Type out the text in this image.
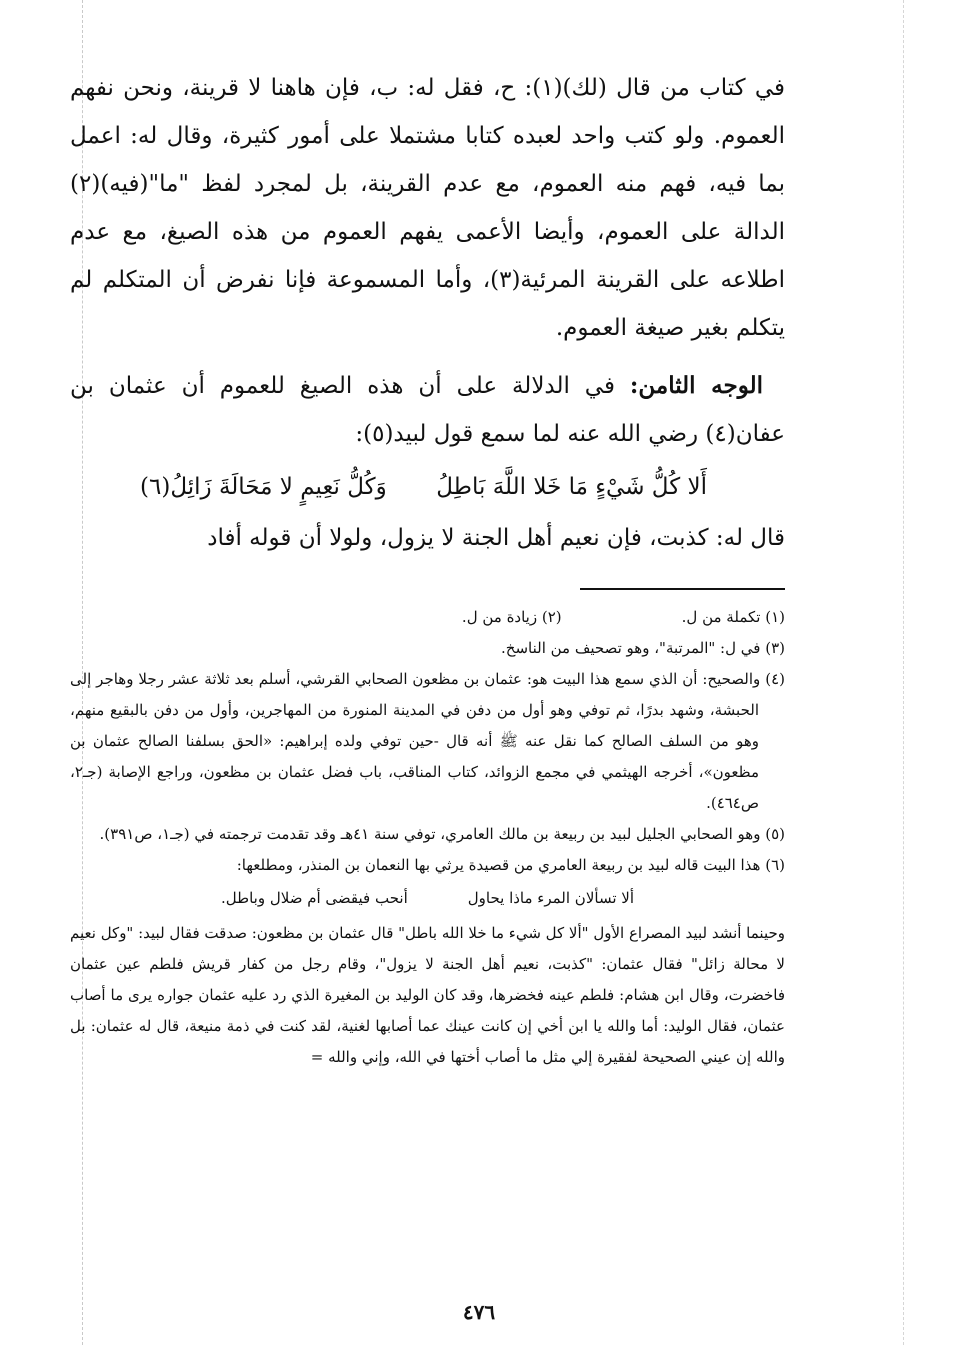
في كتاب من قال (لك)(١): ح، فقل له: ب، فإن هاهنا لا قرينة، ونحن نفهم العموم. ولو كتب واحد لعبده كتابا مشتملا على أمور كثيرة، وقال له: اعمل بما فيه، فهم منه العموم، مع عدم القرينة، بل لمجرد لفظ "ما"(فيه)(٢) الدالة على العموم، وأيضا الأعمى يفهم العموم من هذه الصيغ، مع عدم اطلاعه على القرينة المرئية(٣)، وأما المسموعة فإنا نفرض أن المتكلم لم يتكلم بغير صيغة العموم.

الوجه الثامن: في الدلالة على أن هذه الصيغ للعموم أن عثمان بن عفان(٤) رضي الله عنه لما سمع قول لبيد(٥):

أَلا كُلُّ شَيْءٍ مَا خَلا اللَّهَ بَاطِلُ
وَكُلُّ نَعِيمٍ لا مَحَالَةَ زَائِلُ(٦)

قال له: كذبت، فإن نعيم أهل الجنة لا يزول، ولولا أن قوله أفاد

(١) تكملة من ل.
(٢) زيادة من ل.

(٣) في ل: "المرتبة"، وهو تصحيف من الناسخ.

(٤) والصحيح: أن الذي سمع هذا البيت هو: عثمان بن مظعون الصحابي القرشي، أسلم بعد ثلاثة عشر رجلا وهاجر إلى الحبشة، وشهد بدرًا، ثم توفي وهو أول من دفن في المدينة المنورة من المهاجرين، وأول من دفن بالبقيع منهم، وهو من السلف الصالح كما نقل عنه ﷺ أنه قال -حين توفي ولده إبراهيم: «الحق بسلفنا الصالح عثمان بن مظعون»، أخرجه الهيثمي في مجمع الزوائد، كتاب المناقب، باب فضل عثمان بن مظعون، وراجع الإصابة (جـ٢، ص٤٦٤).

(٥) وهو الصحابي الجليل لبيد بن ربيعة بن مالك العامري، توفي سنة ٤١هـ وقد تقدمت ترجمته في (جـ١، ص٣٩١).

(٦) هذا البيت قاله لبيد بن ربيعة العامري من قصيدة يرثي بها النعمان بن المنذر، ومطلعها:

ألا تسألان المرء ماذا يحاول
أنحب فيقضى أم ضلال وباطل.

وحينما أنشد لبيد المصراع الأول "ألا كل شيء ما خلا الله باطل" قال عثمان بن مظعون: صدقت فقال لبيد: "وكل نعيم لا محالة زائل" فقال عثمان: "كذبت، نعيم أهل الجنة لا يزول"، وقام رجل من كفار قريش فلطم عين عثمان فاخضرت، وقال ابن هشام: فلطم عينه فخضرها، وقد كان الوليد بن المغيرة الذي رد عليه عثمان جواره يرى ما أصاب عثمان، فقال الوليد: أما والله يا ابن أخي إن كانت عينك عما أصابها لغنية، لقد كنت في ذمة منيعة، قال له عثمان: بل والله إن عيني الصحيحة لفقيرة إلي مثل ما أصاب أختها في الله، وإني والله =

٤٧٦
